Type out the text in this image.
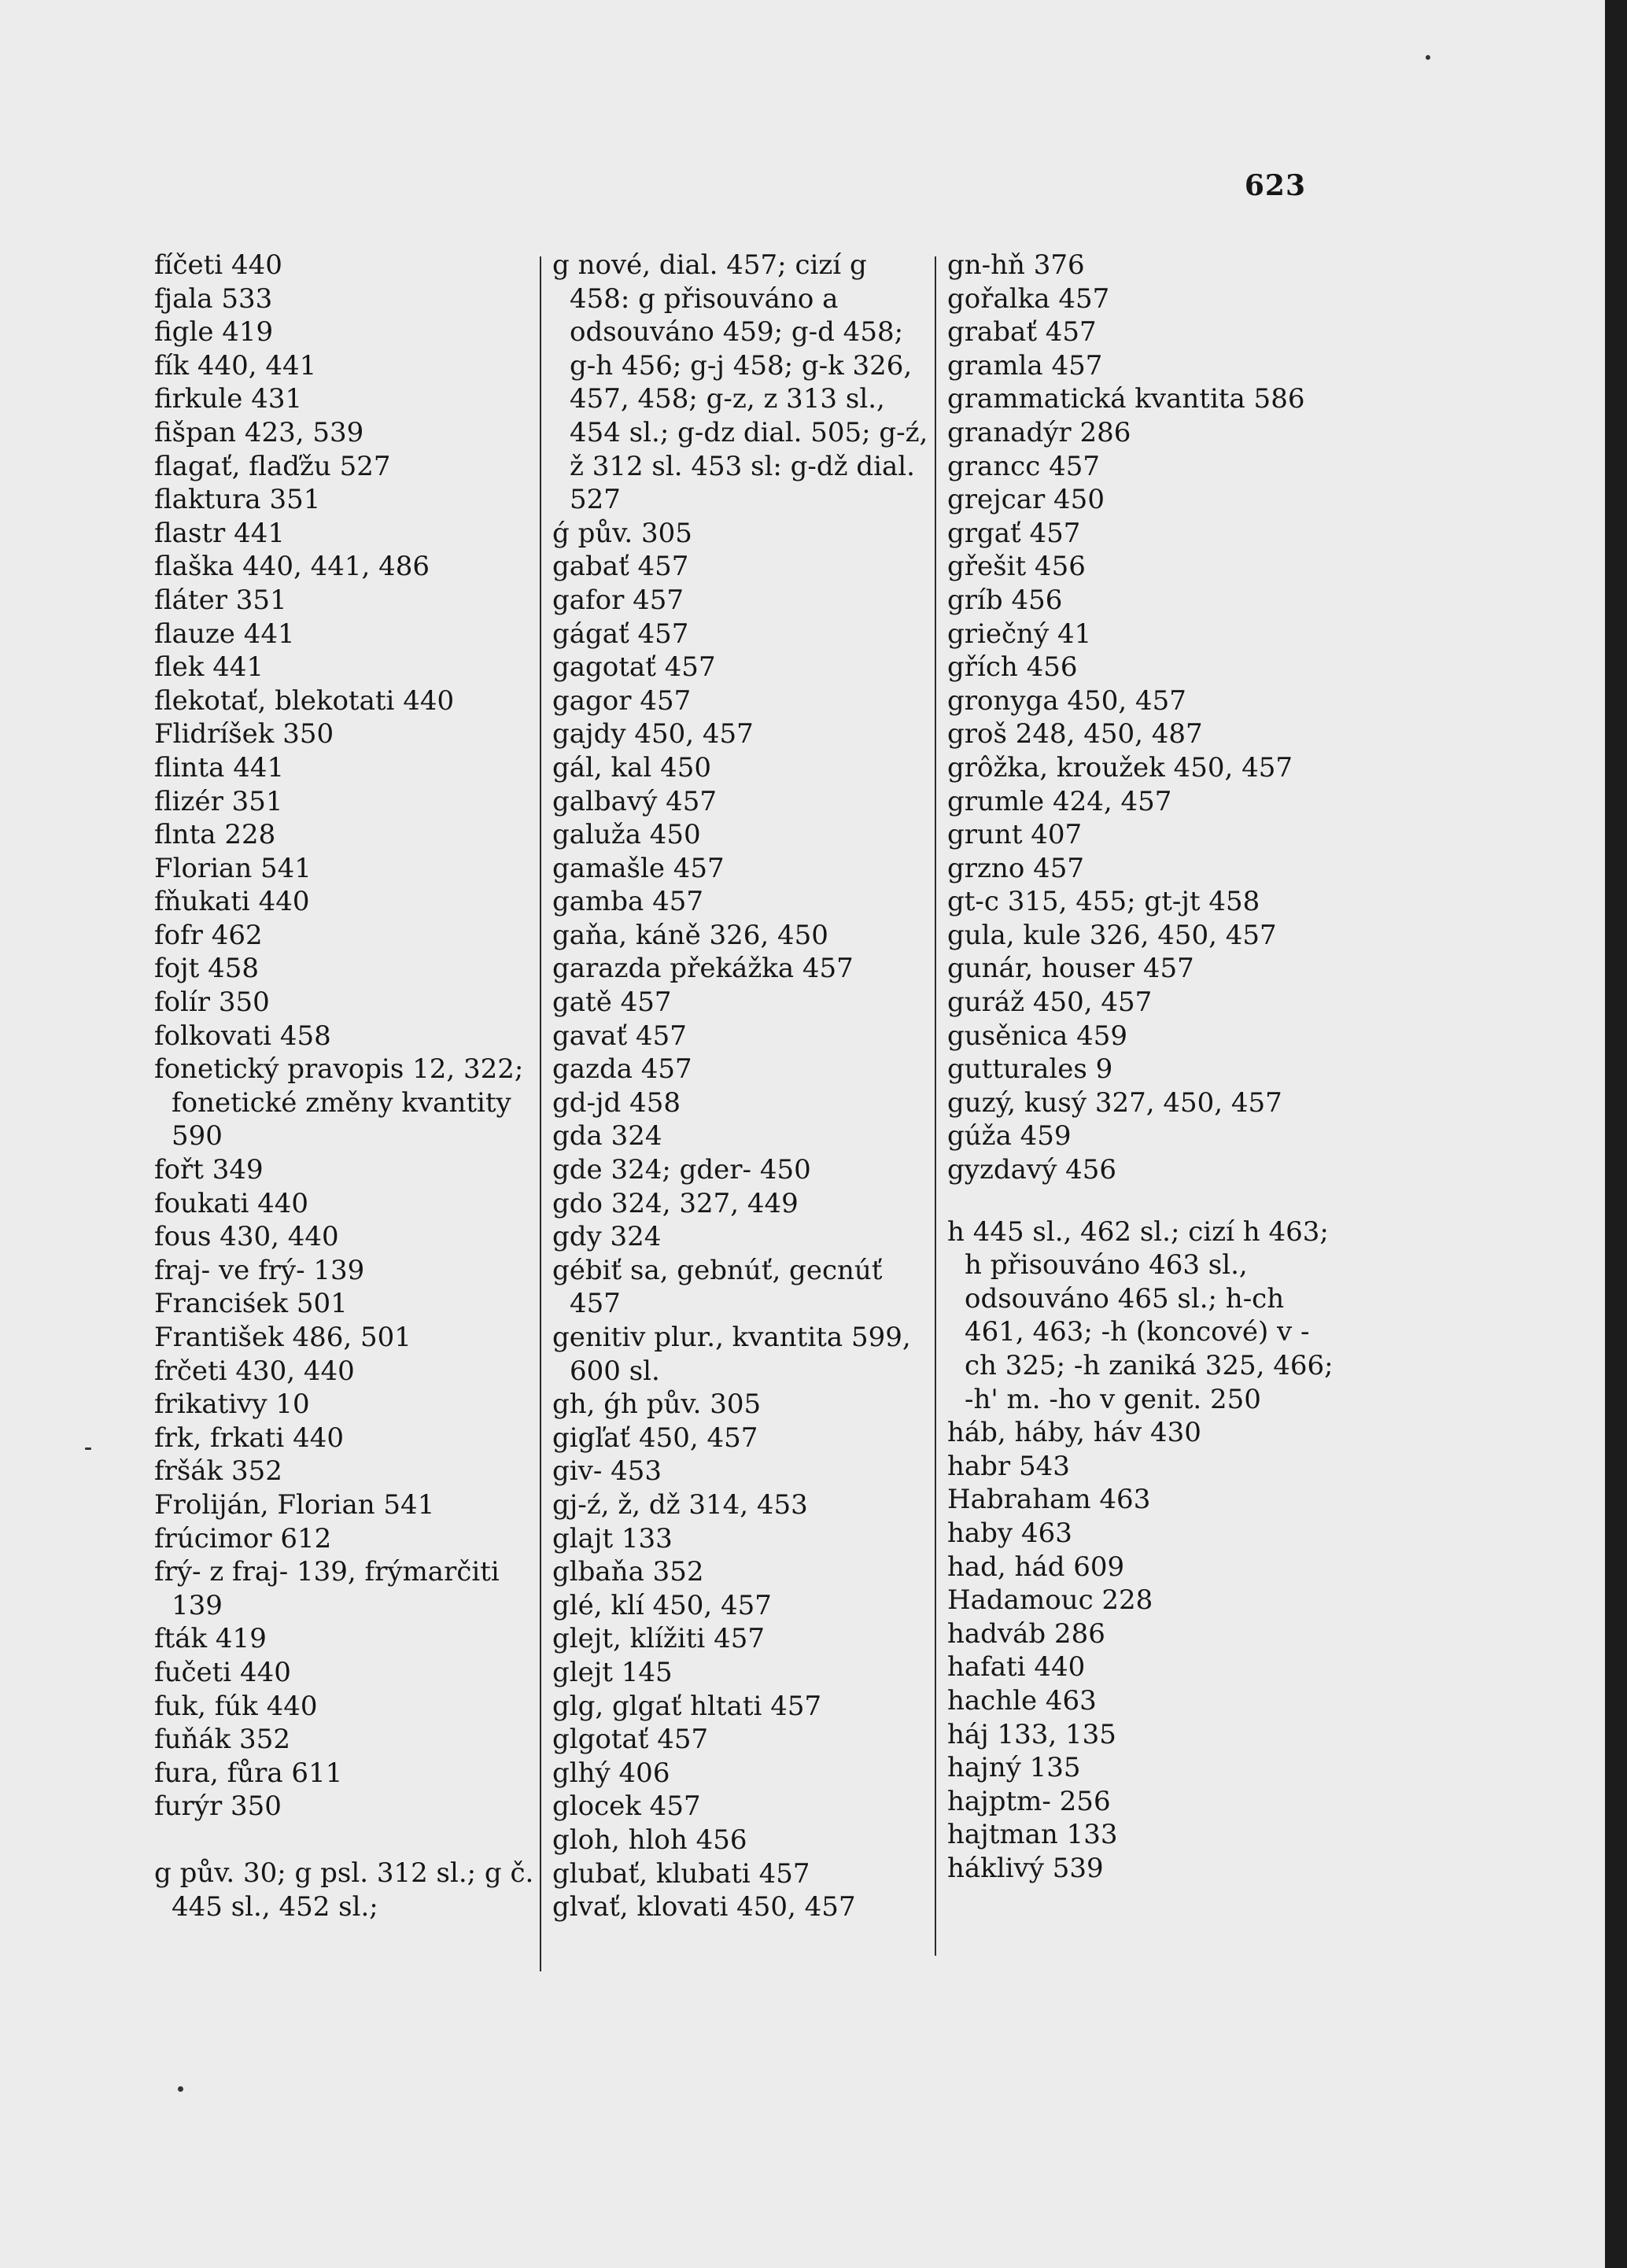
623

fíčeti 440

fjala 533

figle 419

fík 440, 441

firkule 431

fišpan 423, 539

flagať, flaďžu 527

flaktura 351

flastr 441

flaška 440, 441, 486

fláter 351

flauze 441

flek 441

flekotať, blekotati 440

Flidríšek 350

flinta 441

flizér 351

flnta 228

Florian 541

fňukati 440

fofr 462

fojt 458

folír 350

folkovati 458

fonetický pravopis 12, 322; fonetické změny kvantity 590

fořt 349

foukati 440

fous 430, 440

fraj- ve frý- 139

Franciśek 501

František 486, 501

frčeti 430, 440

frikativy 10

frk, frkati 440

fršák 352

Froliján, Florian 541

frúcimor 612

frý- z fraj- 139, frýmarčiti 139

fták 419

fučeti 440

fuk, fúk 440

fuňák 352

fura, fůra 611

furýr 350

g pův. 30; g psl. 312 sl.; g č. 445 sl., 452 sl.;

g nové, dial. 457; cizí g 458: g přisouváno a odsouváno 459; g-d 458; g-h 456; g-j 458; g-k 326, 457, 458; g-z, z 313 sl., 454 sl.; g-dz dial. 505; g-ź, ž 312 sl. 453 sl: g-dž dial. 527

ǵ pův. 305

gabať 457

gafor 457

gágať 457

gagotať 457

gagor 457

gajdy 450, 457

gál, kal 450

galbavý 457

galuža 450

gamašle 457

gamba 457

gaňa, káně 326, 450

garazda překážka 457

gatě 457

gavať 457

gazda 457

gd-jd 458

gda 324

gde 324; gder- 450

gdo 324, 327, 449

gdy 324

gébiť sa, gebnúť, gecnúť 457

genitiv plur., kvantita 599, 600 sl.

gh, ǵh pův. 305

gigľať 450, 457

giv- 453

gj-ź, ž, dž 314, 453

glajt 133

glbaňa 352

glé, klí 450, 457

glejt, klížiti 457

glejt 145

glg, glgať hltati 457

glgotať 457

glhý 406

glocek 457

gloh, hloh 456

glubať, klubati 457

glvať, klovati 450, 457

gn-hň 376

gořalka 457

grabať 457

gramla 457

grammatická kvantita 586

granadýr 286

grancc 457

grejcar 450

grgať 457

gřešit 456

gríb 456

griečný 41

gřích 456

gronyga 450, 457

groš 248, 450, 487

grôžka, kroužek 450, 457

grumle 424, 457

grunt 407

grzno 457

gt-c 315, 455; gt-jt 458

gula, kule 326, 450, 457

gunár, houser 457

guráž 450, 457

gusěnica 459

gutturales 9

guzý, kusý 327, 450, 457

gúža 459

gyzdavý 456

h 445 sl., 462 sl.; cizí h 463; h přisouváno 463 sl., odsouváno 465 sl.; h-ch 461, 463; -h (koncové) v -ch 325; -h zaniká 325, 466; -h' m. -ho v genit. 250

háb, háby, háv 430

habr 543

Habraham 463

haby 463

had, hád 609

Hadamouc 228

hadváb 286

hafati 440

hachle 463

háj 133, 135

hajný 135

hajptm- 256

hajtman 133

háklivý 539
